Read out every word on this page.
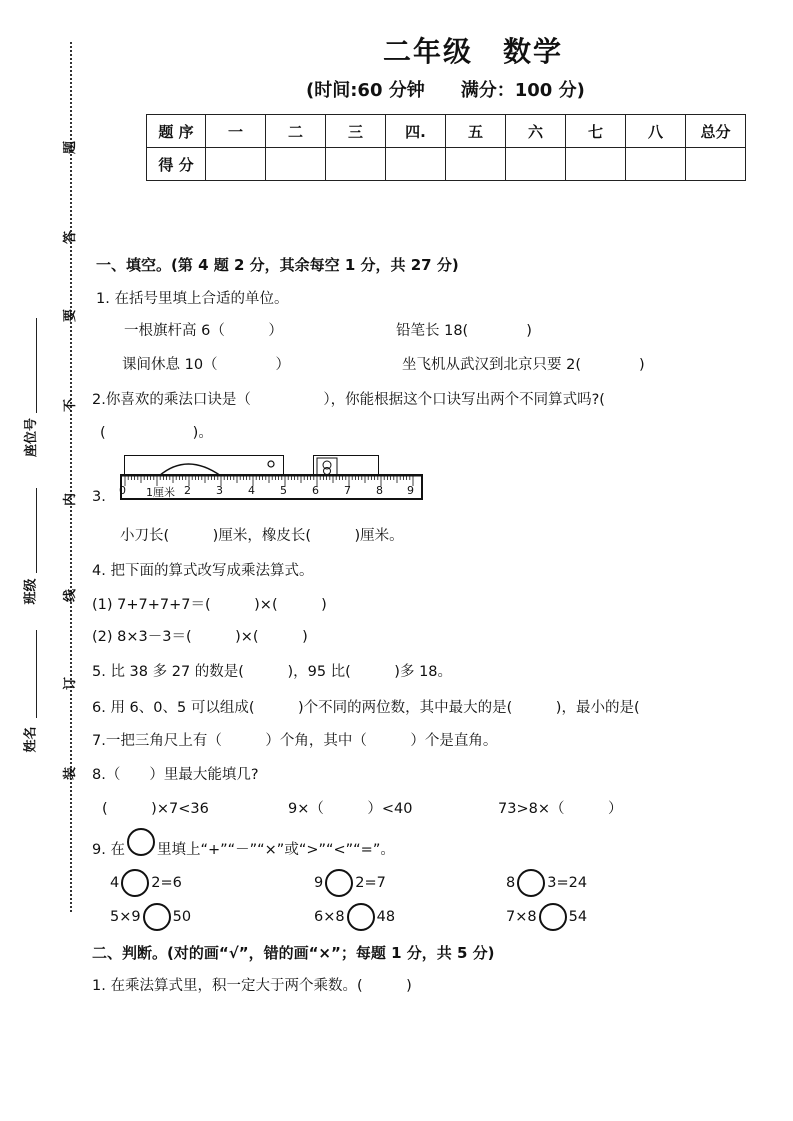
题
答
要
不
内
线
订
装
座位号
班级
姓名
二年级　数学
(时间:60 分钟　　满分：100 分)
题 序	一	二	三	四.	五	六	七	八	总分
得 分									
一、填空。(第 4 题 2 分，其余每空 1 分，共 27 分)
1. 在括号里填上合适的单位。
一根旗杆高 6（　　　）	铅笔长 18(　　　　)
课间休息 10（　　　　）	坐飞机从武汉到北京只要 2(　　　　)
2.你喜欢的乘法口诀是（　　　　　），你能根据这个口诀写出两个不同算式吗?(
(　　　　　　)。
3. 0 1厘米 2 3 4 5 6 7 8 9
小刀长(　　　)厘米，橡皮长(　　　)厘米。
4. 把下面的算式改写成乘法算式。
(1) 7+7+7+7＝(　　　)×(　　　)
(2) 8×3－3＝(　　　)×(　　　)
5. 比 38 多 27 的数是(　　　)，95 比(　　　)多 18。
6. 用 6、0、5 可以组成(　　　)个不同的两位数，其中最大的是(　　　)，最小的是(
7.一把三角尺上有（　　　）个角，其中（　　　）个是直角。
8.（　　）里最大能填几?
(　　　)×7<36	9×（　　　）<40	73>8×（　　　）
9. 在 里填上“+”“－”“×”或“>”“<”“=”。
4 2=6	9 2=7	8 3=24
5×9 50	6×8 48	7×8 54
二、判断。(对的画“√”，错的画“×”；每题 1 分，共 5 分)
1. 在乘法算式里，积一定大于两个乘数。(　　　)
